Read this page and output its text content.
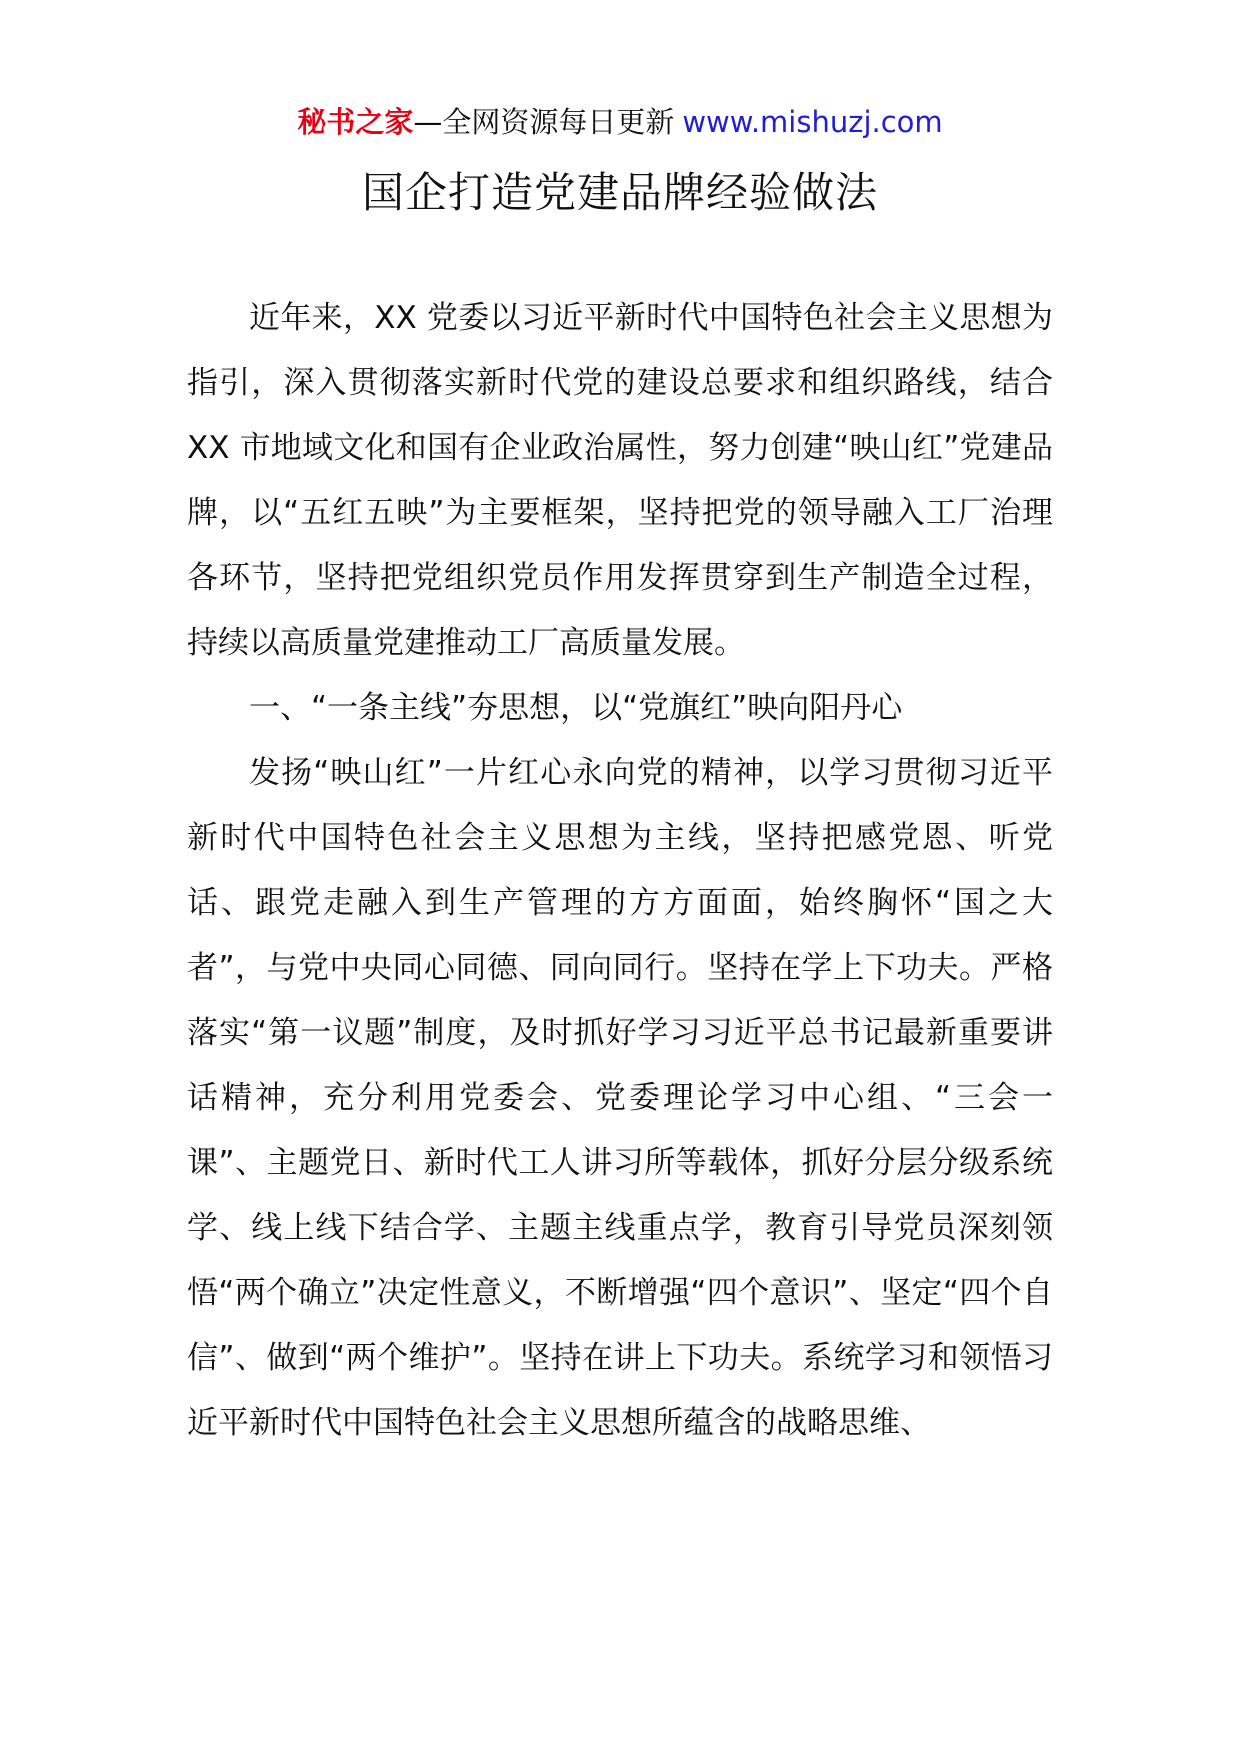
秘书之家—全网资源每日更新 www.mishuzj.com
国企打造党建品牌经验做法

近年来，XX 党委以习近平新时代中国特色社会主义思想为指引，深入贯彻落实新时代党的建设总要求和组织路线，结合 XX 市地域文化和国有企业政治属性，努力创建“映山红”党建品牌，以“五红五映”为主要框架，坚持把党的领导融入工厂治理各环节，坚持把党组织党员作用发挥贯穿到生产制造全过程，持续以高质量党建推动工厂高质量发展。

一、“一条主线”夯思想，以“党旗红”映向阳丹心

发扬“映山红”一片红心永向党的精神，以学习贯彻习近平新时代中国特色社会主义思想为主线，坚持把感党恩、听党话、跟党走融入到生产管理的方方面面，始终胸怀“国之大者”，与党中央同心同德、同向同行。坚持在学上下功夫。严格落实“第一议题”制度，及时抓好学习习近平总书记最新重要讲话精神，充分利用党委会、党委理论学习中心组、“三会一课”、主题党日、新时代工人讲习所等载体，抓好分层分级系统学、线上线下结合学、主题主线重点学，教育引导党员深刻领悟“两个确立”决定性意义，不断增强“四个意识”、坚定“四个自信”、做到“两个维护”。坚持在讲上下功夫。系统学习和领悟习近平新时代中国特色社会主义思想所蕴含的战略思维、
